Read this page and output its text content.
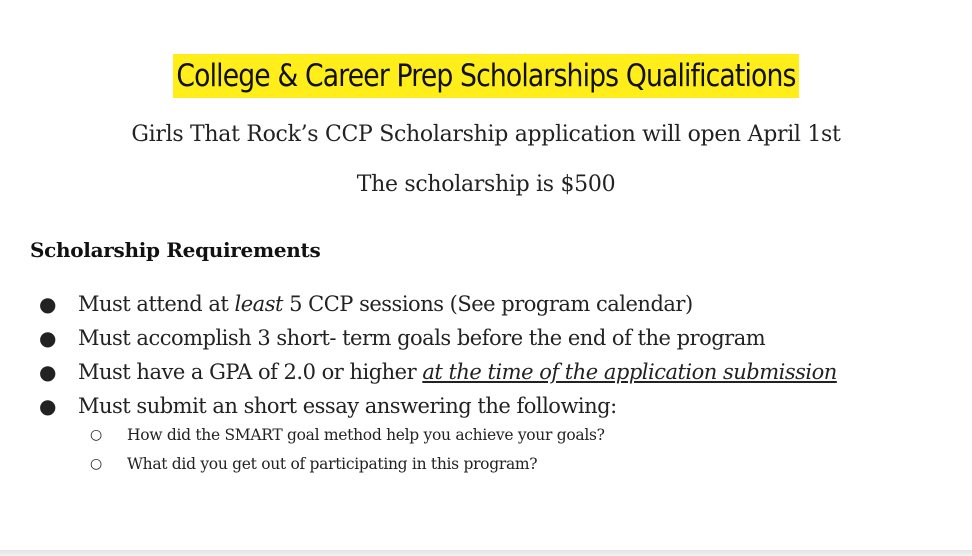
College & Career Prep Scholarships Qualifications
Girls That Rock’s CCP Scholarship application will open April 1st
The scholarship is $500
Scholarship Requirements
● Must attend at least 5 CCP sessions (See program calendar)
● Must accomplish 3 short- term goals before the end of the program
● Must have a GPA of 2.0 or higher at the time of the application submission
● Must submit an short essay answering the following:
○ How did the SMART goal method help you achieve your goals?
○ What did you get out of participating in this program?
